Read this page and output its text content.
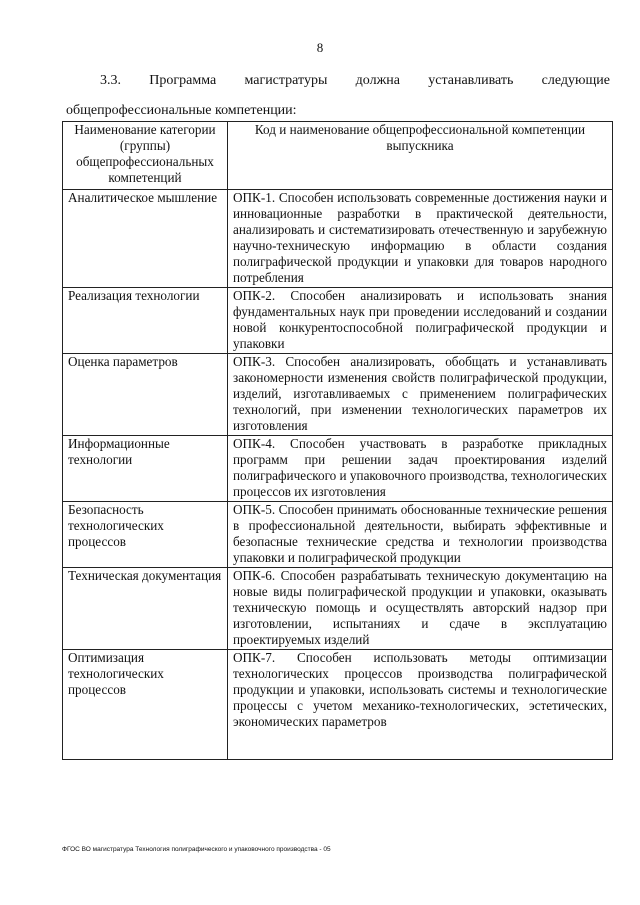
8
3.3. Программа магистратуры должна устанавливать следующие
общепрофессиональные компетенции:
Наименование категории (группы) общепрофессиональных компетенций	Код и наименование общепрофессиональной компетенции выпускника
Аналитическое мышление	ОПК-1. Способен использовать современные достижения науки и инновационные разработки в практической деятельности, анализировать и систематизировать отечественную и зарубежную научно-техническую информацию в области создания полиграфической продукции и упаковки для товаров народного потребления
Реализация технологии	ОПК-2. Способен анализировать и использовать знания фундаментальных наук при проведении исследований и создании новой конкурентоспособной полиграфической продукции и упаковки
Оценка параметров	ОПК-3. Способен анализировать, обобщать и устанавливать закономерности изменения свойств полиграфической продукции, изделий, изготавливаемых с применением полиграфических технологий, при изменении технологических параметров их изготовления
Информационные технологии	ОПК-4. Способен участвовать в разработке прикладных программ при решении задач проектирования изделий полиграфического и упаковочного производства, технологических процессов их изготовления
Безопасность технологических процессов	ОПК-5. Способен принимать обоснованные технические решения в профессиональной деятельности, выбирать эффективные и безопасные технические средства и технологии производства упаковки и полиграфической продукции
Техническая документация	ОПК-6. Способен разрабатывать техническую документацию на новые виды полиграфической продукции и упаковки, оказывать техническую помощь и осуществлять авторский надзор при изготовлении, испытаниях и сдаче в эксплуатацию проектируемых изделий
Оптимизация технологических процессов	ОПК-7. Способен использовать методы оптимизации технологических процессов производства полиграфической продукции и упаковки, использовать системы и технологические процессы с учетом механико-технологических, эстетических, экономических параметров
ФГОС ВО магистратура Технология полиграфического и упаковочного производства - 05
